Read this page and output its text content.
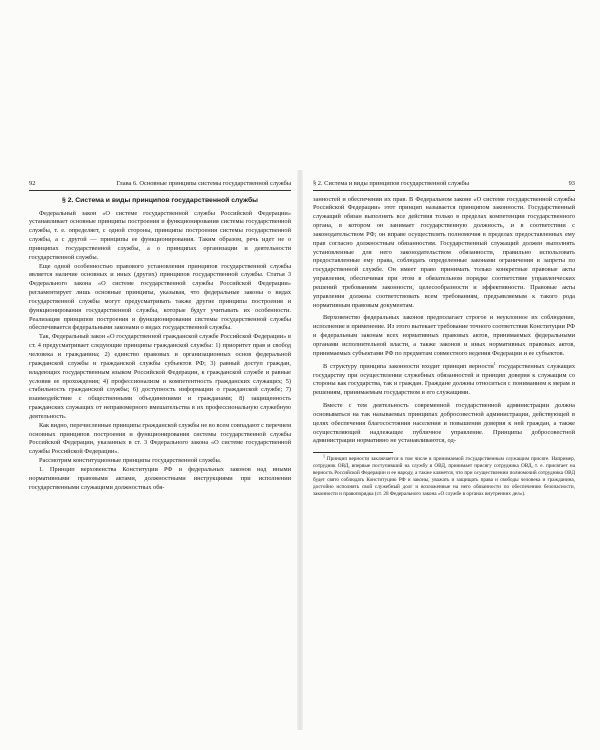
92	Глава 6. Основные принципы системы государственной службы
§ 2. Система и виды принципов государственной службы

Федеральный закон «О системе государственной службы Российской Федерации» устанавливает основные принципы построения и функционирования системы государственной службы, т. е. определяет, с одной стороны, принципы построения системы государственной службы, а с другой — принципы ее функционирования. Таким образом, речь идет не о принципах государственной службы, а о принципах организации и деятельности государственной службы.

Еще одной особенностью правового установления принципов государственной службы является наличие основных и иных (других) принципов государственной службы. Статья 3 Федерального закона «О системе государственной службы Российской Федерации» регламентирует лишь основные принципы, указывая, что федеральные законы о видах государственной службы могут предусматривать также другие принципы построения и функционирования государственной службы, которые будут учитывать их особенности. Реализация принципов построения и функционирования системы государственной службы обеспечивается федеральными законами о видах государственной службы.

Так, Федеральный закон «О государственной гражданской службе Российской Федерации» в ст. 4 предусматривает следующие принципы гражданской службы: 1) приоритет прав и свобод человека и гражданина; 2) единство правовых и организационных основ федеральной гражданской службы и гражданской службы субъектов РФ; 3) равный доступ граждан, владеющих государственным языком Российской Федерации, к гражданской службе и равные условия ее прохождения; 4) профессионализм и компетентность гражданских служащих; 5) стабильность гражданской службы; 6) доступность информации о гражданской службе; 7) взаимодействие с общественными объединениями и гражданами; 8) защищенность гражданских служащих от неправомерного вмешательства в их профессиональную служебную деятельность.

Как видно, перечисленные принципы гражданской службы не во всем совпадают с перечнем основных принципов построения и функционирования системы государственной службы Российской Федерации, указанных в ст. 3 Федерального закона «О системе государственной службы Российской Федерации».

Рассмотрим конституционные принципы государственной службы.

1. Принцип верховенства Конституции РФ и федеральных законов над иными нормативными правовыми актами, должностными инструкциями при исполнении государственными служащими должностных обя-

§ 2. Система и виды принципов государственной службы	93

занностей и обеспечении их прав. В Федеральном законе «О системе государственной службы Российской Федерации» этот принцип называется принципом законности. Государственный служащий обязан выполнять все действия только в пределах компетенции государственного органа, в котором он занимает государственную должность, и в соответствии с законодательством РФ; он вправе осуществлять полномочия в пределах предоставленных ему прав согласно должностным обязанностям. Государственный служащий должен выполнять установленные для него законодательством обязанности, правильно использовать предоставленные ему права, соблюдать определенные законами ограничения и запреты по государственной службе. Он имеет право принимать только конкретные правовые акты управления, обеспечивая при этом в обязательном порядке соответствие управленческих решений требованиям законности, целесообразности и эффективности. Правовые акты управления должны соответствовать всем требованиям, предъявляемым к такого рода нормативным правовым документам.

Верховенство федеральных законов предполагает строгое и неуклонное их соблюдение, исполнение и применение. Из этого вытекает требование точного соответствия Конституции РФ и федеральным законам всех нормативных правовых актов, принимаемых федеральными органами исполнительной власти, а также законов и иных нормативных правовых актов, принимаемых субъектами РФ по предметам совместного ведения Федерации и ее субъектов.

В структуру принципа законности входит принцип верности$^1$ государственных служащих государству при осуществлении служебных обязанностей и принцип доверия к служащим со стороны как государства, так и граждан. Граждане должны относиться с пониманием к мерам и решениям, принимаемым государством и его служащими.

Вместе с тем деятельность современной государственной администрации должна основываться на так называемых принципах добросовестной администрации, действующей в целях обеспечения благосостояния населения и повышения доверия к ней граждан, а также осуществляющей надлежащее публичное управление. Принципы добросовестной администрации нормативно не устанавливаются, од-

$^1$ Принцип верности заключается в том числе в принимаемой государственным служащим присяге. Например, сотрудник ОВД, впервые поступивший на службу в ОВД, принимает присягу сотрудника ОВД, т. е. присягает на верность Российской Федерации и ее народу, а также клянется, что при осуществлении полномочий сотрудника ОВД будет свято соблюдать Конституцию РФ и законы, уважать и защищать права и свободы человека и гражданина, достойно исполнять свой служебный долг и возложенные на него обязанности по обеспечению безопасности, законности и правопорядка (ст. 28 Федерального закона «О службе в органах внутренних дел»).
